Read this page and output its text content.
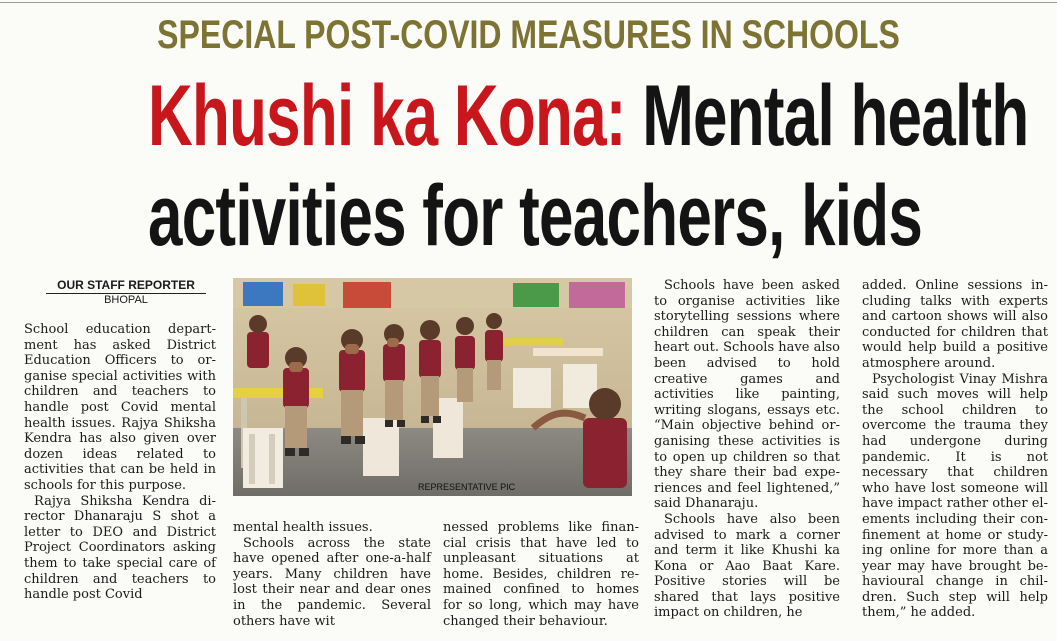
SPECIAL POST-COVID MEASURES IN SCHOOLS
Khushi ka Kona: Mental health
activities for teachers, kids
OUR STAFF REPORTER
BHOPAL

School education department has asked District Education Officers to organise special activities with children and teachers to handle post Covid mental health issues. Rajya Shiksha Kendra has also given over dozen ideas related to activities that can be held in schools for this purpose.

Rajya Shiksha Kendra director Dhanaraju S shot a letter to DEO and District Project Coordinators asking them to take special care of children and teachers to handle post Covid

REPRESENTATIVE PIC

mental health issues.

Schools across the state have opened after one-a-half years. Many children have lost their near and dear ones in the pandemic. Several others have wit

nessed problems like financial crisis that have led to unpleasant situations at home. Besides, children remained confined to homes for so long, which may have changed their behaviour.

Schools have been asked to organise activities like storytelling sessions where children can speak their heart out. Schools have also been advised to hold creative games and activities like painting, writing slogans, essays etc. “Main objective behind organising these activities is to open up children so that they share their bad experiences and feel lightened,” said Dhanaraju.

Schools have also been advised to mark a corner and term it like Khushi ka Kona or Aao Baat Kare. Positive stories will be shared that lays positive impact on children, he

added. Online sessions including talks with experts and cartoon shows will also conducted for children that would help build a positive atmosphere around.

Psychologist Vinay Mishra said such moves will help the school children to overcome the trauma they had undergone during pandemic. It is not necessary that children who have lost someone will have impact rather other elements including their confinement at home or studying online for more than a year may have brought behavioural change in children. Such step will help them,” he added.
